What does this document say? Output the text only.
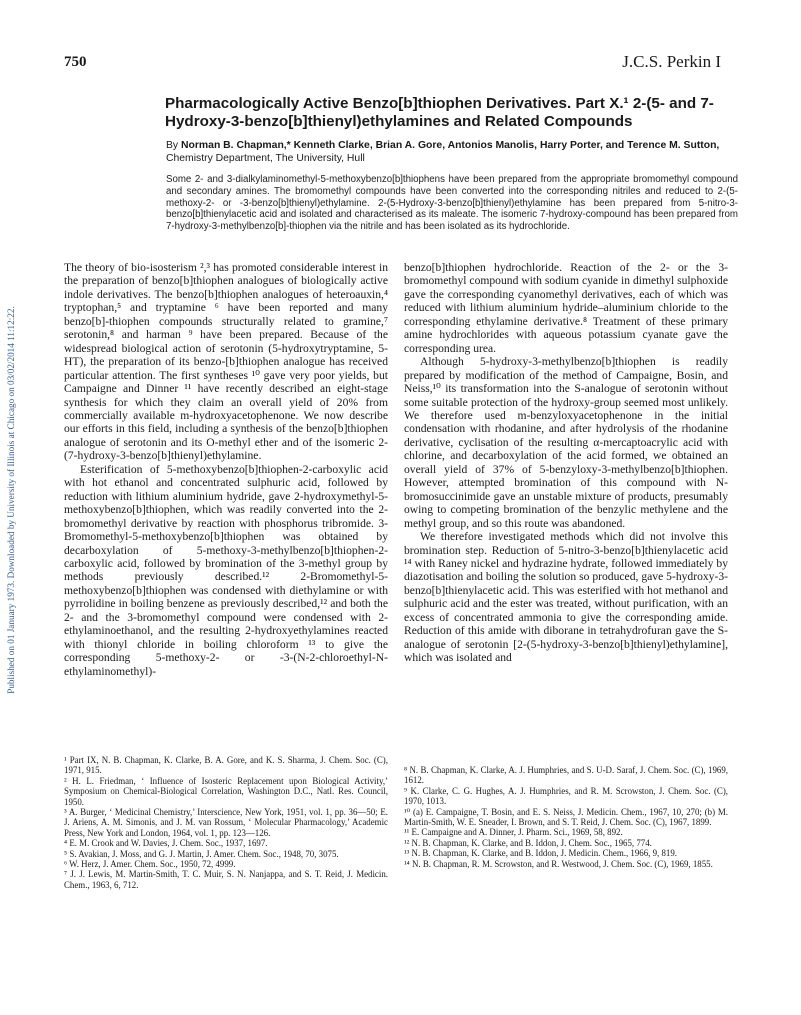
Published on 01 January 1973. Downloaded by University of Illinois at Chicago on 03/02/2014 11:12:22.
750	J.C.S. Perkin I
Pharmacologically Active Benzo[b]thiophen Derivatives. Part X.¹ 2-(5- and 7-Hydroxy-3-benzo[b]thienyl)ethylamines and Related Compounds
By Norman B. Chapman,* Kenneth Clarke, Brian A. Gore, Antonios Manolis, Harry Porter, and Terence M. Sutton, Chemistry Department, The University, Hull
Some 2- and 3-dialkylaminomethyl-5-methoxybenzo[b]thiophens have been prepared from the appropriate bromomethyl compound and secondary amines. The bromomethyl compounds have been converted into the corresponding nitriles and reduced to 2-(5-methoxy-2- or -3-benzo[b]thienyl)ethylamine. 2-(5-Hydroxy-3-benzo[b]thienyl)ethylamine has been prepared from 5-nitro-3-benzo[b]thienylacetic acid and isolated and characterised as its maleate. The isomeric 7-hydroxy-compound has been prepared from 7-hydroxy-3-methylbenzo[b]-thiophen via the nitrile and has been isolated as its hydrochloride.

The theory of bio-isosterism ²,³ has promoted considerable interest in the preparation of benzo[b]thiophen analogues of biologically active indole derivatives. The benzo[b]thiophen analogues of heteroauxin,⁴ tryptophan,⁵ and tryptamine ⁶ have been reported and many benzo[b]-thiophen compounds structurally related to gramine,⁷ serotonin,⁸ and harman ⁹ have been prepared. Because of the widespread biological action of serotonin (5-hydroxytryptamine, 5-HT), the preparation of its benzo-[b]thiophen analogue has received particular attention. The first syntheses ¹⁰ gave very poor yields, but Campaigne and Dinner ¹¹ have recently described an eight-stage synthesis for which they claim an overall yield of 20% from commercially available m-hydroxyacetophenone. We now describe our efforts in this field, including a synthesis of the benzo[b]thiophen analogue of serotonin and its O-methyl ether and of the isomeric 2-(7-hydroxy-3-benzo[b]thienyl)ethylamine.

Esterification of 5-methoxybenzo[b]thiophen-2-carboxylic acid with hot ethanol and concentrated sulphuric acid, followed by reduction with lithium aluminium hydride, gave 2-hydroxymethyl-5-methoxybenzo[b]thiophen, which was readily converted into the 2-bromomethyl derivative by reaction with phosphorus tribromide. 3-Bromomethyl-5-methoxybenzo[b]thiophen was obtained by decarboxylation of 5-methoxy-3-methylbenzo[b]thiophen-2-carboxylic acid, followed by bromination of the 3-methyl group by methods previously described.¹² 2-Bromomethyl-5-methoxybenzo[b]thiophen was condensed with diethylamine or with pyrrolidine in boiling benzene as previously described,¹² and both the 2- and the 3-bromomethyl compound were condensed with 2-ethylaminoethanol, and the resulting 2-hydroxyethylamines reacted with thionyl chloride in boiling chloroform ¹³ to give the corresponding 5-methoxy-2- or -3-(N-2-chloroethyl-N-ethylaminomethyl)-

benzo[b]thiophen hydrochloride. Reaction of the 2- or the 3-bromomethyl compound with sodium cyanide in dimethyl sulphoxide gave the corresponding cyanomethyl derivatives, each of which was reduced with lithium aluminium hydride–aluminium chloride to the corresponding ethylamine derivative.⁸ Treatment of these primary amine hydrochlorides with aqueous potassium cyanate gave the corresponding urea.

Although 5-hydroxy-3-methylbenzo[b]thiophen is readily prepared by modification of the method of Campaigne, Bosin, and Neiss,¹⁰ its transformation into the S-analogue of serotonin without some suitable protection of the hydroxy-group seemed most unlikely. We therefore used m-benzyloxyacetophenone in the initial condensation with rhodanine, and after hydrolysis of the rhodanine derivative, cyclisation of the resulting α-mercaptoacrylic acid with chlorine, and decarboxylation of the acid formed, we obtained an overall yield of 37% of 5-benzyloxy-3-methylbenzo[b]thiophen. However, attempted bromination of this compound with N-bromosuccinimide gave an unstable mixture of products, presumably owing to competing bromination of the benzylic methylene and the methyl group, and so this route was abandoned.

We therefore investigated methods which did not involve this bromination step. Reduction of 5-nitro-3-benzo[b]thienylacetic acid ¹⁴ with Raney nickel and hydrazine hydrate, followed immediately by diazotisation and boiling the solution so produced, gave 5-hydroxy-3-benzo[b]thienylacetic acid. This was esterified with hot methanol and sulphuric acid and the ester was treated, without purification, with an excess of concentrated ammonia to give the corresponding amide. Reduction of this amide with diborane in tetrahydrofuran gave the S-analogue of serotonin [2-(5-hydroxy-3-benzo[b]thienyl)ethylamine], which was isolated and

¹ Part IX, N. B. Chapman, K. Clarke, B. A. Gore, and K. S. Sharma, J. Chem. Soc. (C), 1971, 915.
² H. L. Friedman, ‘ Influence of Isosteric Replacement upon Biological Activity,’ Symposium on Chemical-Biological Correlation, Washington D.C., Natl. Res. Council, 1950.
³ A. Burger, ‘ Medicinal Chemistry,’ Interscience, New York, 1951, vol. 1, pp. 36—50; E. J. Ariens, A. M. Simonis, and J. M. van Rossum, ‘ Molecular Pharmacology,’ Academic Press, New York and London, 1964, vol. 1, pp. 123—126.
⁴ E. M. Crook and W. Davies, J. Chem. Soc., 1937, 1697.
⁵ S. Avakian, J. Moss, and G. J. Martin, J. Amer. Chem. Soc., 1948, 70, 3075.
⁶ W. Herz, J. Amer. Chem. Soc., 1950, 72, 4999.
⁷ J. J. Lewis, M. Martin-Smith, T. C. Muir, S. N. Nanjappa, and S. T. Reid, J. Medicin. Chem., 1963, 6, 712.
⁸ N. B. Chapman, K. Clarke, A. J. Humphries, and S. U-D. Saraf, J. Chem. Soc. (C), 1969, 1612.
⁹ K. Clarke, C. G. Hughes, A. J. Humphries, and R. M. Scrowston, J. Chem. Soc. (C), 1970, 1013.
¹⁰ (a) E. Campaigne, T. Bosin, and E. S. Neiss, J. Medicin. Chem., 1967, 10, 270; (b) M. Martin-Smith, W. E. Sneader, I. Brown, and S. T. Reid, J. Chem. Soc. (C), 1967, 1899.
¹¹ E. Campaigne and A. Dinner, J. Pharm. Sci., 1969, 58, 892.
¹² N. B. Chapman, K. Clarke, and B. Iddon, J. Chem. Soc., 1965, 774.
¹³ N. B. Chapman, K. Clarke, and B. Iddon, J. Medicin. Chem., 1966, 9, 819.
¹⁴ N. B. Chapman, R. M. Scrowston, and R. Westwood, J. Chem. Soc. (C), 1969, 1855.
